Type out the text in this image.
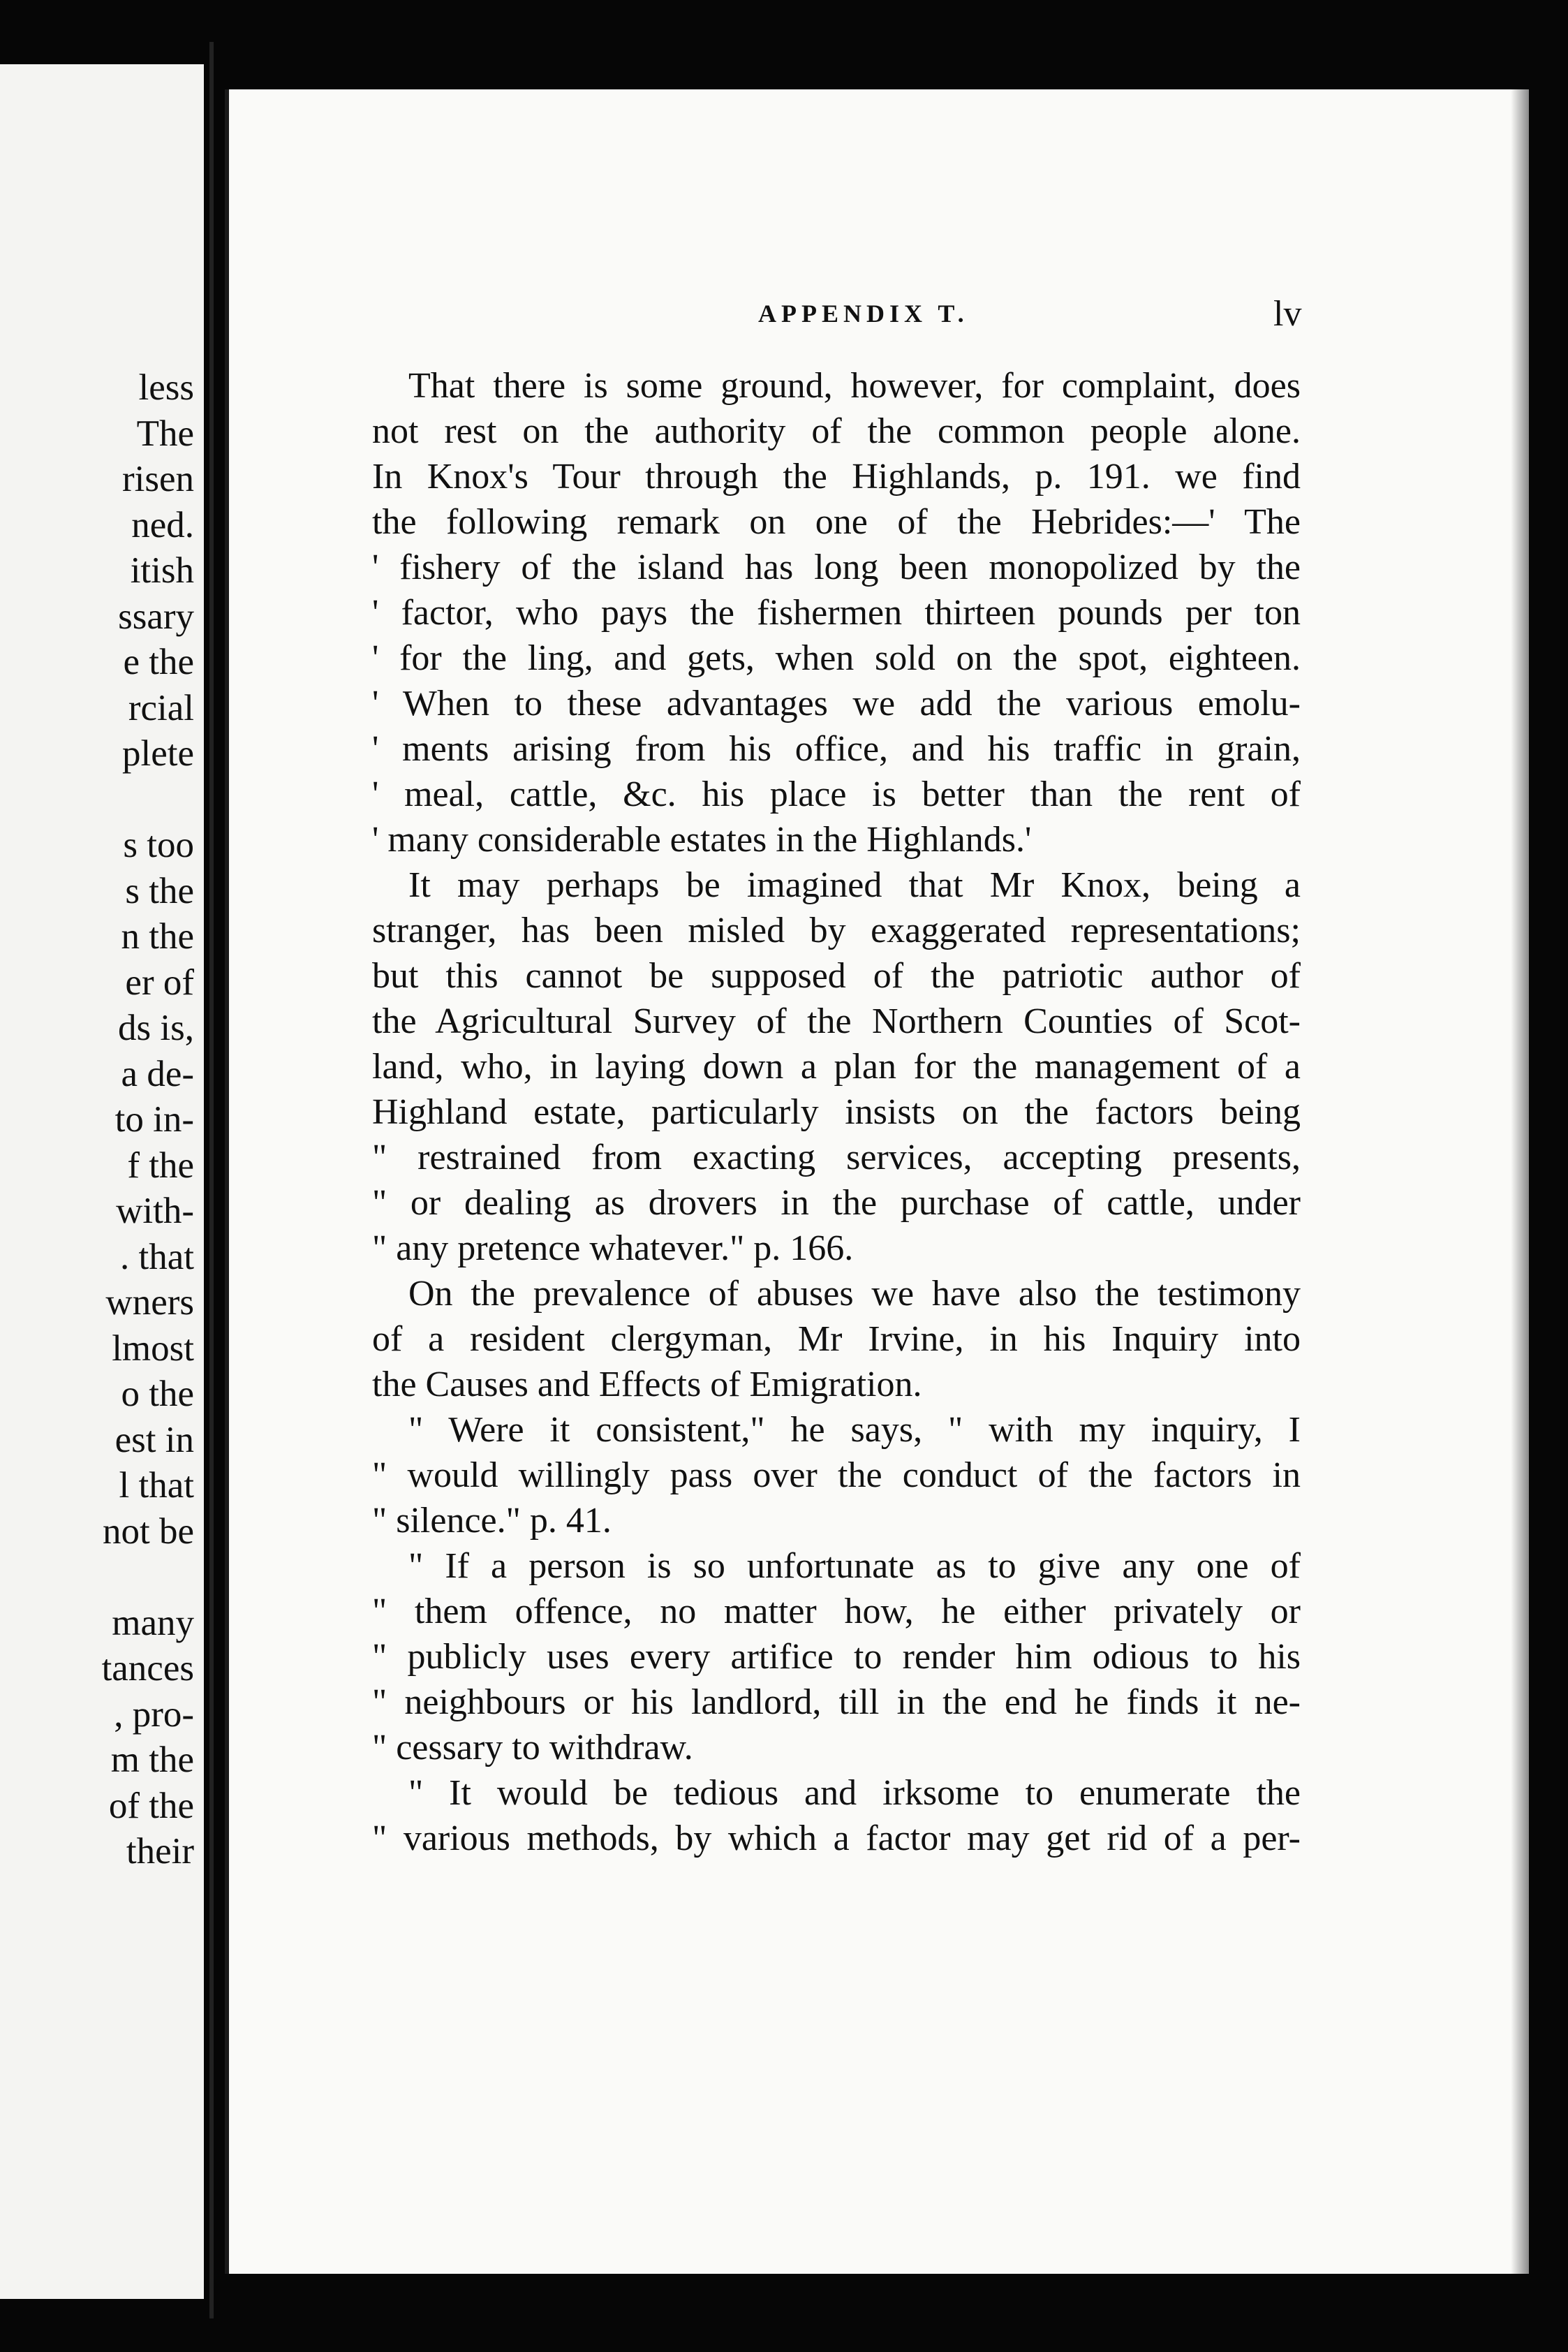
less
The
risen
ned.
itish
ssary
e the
rcial
plete
s too
s the
n the
er of
ds is,
a de-
to in-
f the
with-
. that
wners
lmost
o the
est in
l that
not be
many
tances
, pro-
m the
of the
their
APPENDIX T.	lv
That there is some ground, however, for complaint, does
not rest on the authority of the common people alone.
In Knox's Tour through the Highlands, p. 191. we find
the following remark on one of the Hebrides:—' The
' fishery of the island has long been monopolized by the
' factor, who pays the fishermen thirteen pounds per ton
' for the ling, and gets, when sold on the spot, eighteen.
' When to these advantages we add the various emolu-
' ments arising from his office, and his traffic in grain,
' meal, cattle, &c. his place is better than the rent of
' many considerable estates in the Highlands.'
It may perhaps be imagined that Mr Knox, being a
stranger, has been misled by exaggerated representations;
but this cannot be supposed of the patriotic author of
the Agricultural Survey of the Northern Counties of Scot-
land, who, in laying down a plan for the management of a
Highland estate, particularly insists on the factors being
" restrained from exacting services, accepting presents,
" or dealing as drovers in the purchase of cattle, under
" any pretence whatever." p. 166.
On the prevalence of abuses we have also the testimony
of a resident clergyman, Mr Irvine, in his Inquiry into
the Causes and Effects of Emigration.
" Were it consistent," he says, " with my inquiry, I
" would willingly pass over the conduct of the factors in
" silence." p. 41.
" If a person is so unfortunate as to give any one of
" them offence, no matter how, he either privately or
" publicly uses every artifice to render him odious to his
" neighbours or his landlord, till in the end he finds it ne-
" cessary to withdraw.
" It would be tedious and irksome to enumerate the
" various methods, by which a factor may get rid of a per-
